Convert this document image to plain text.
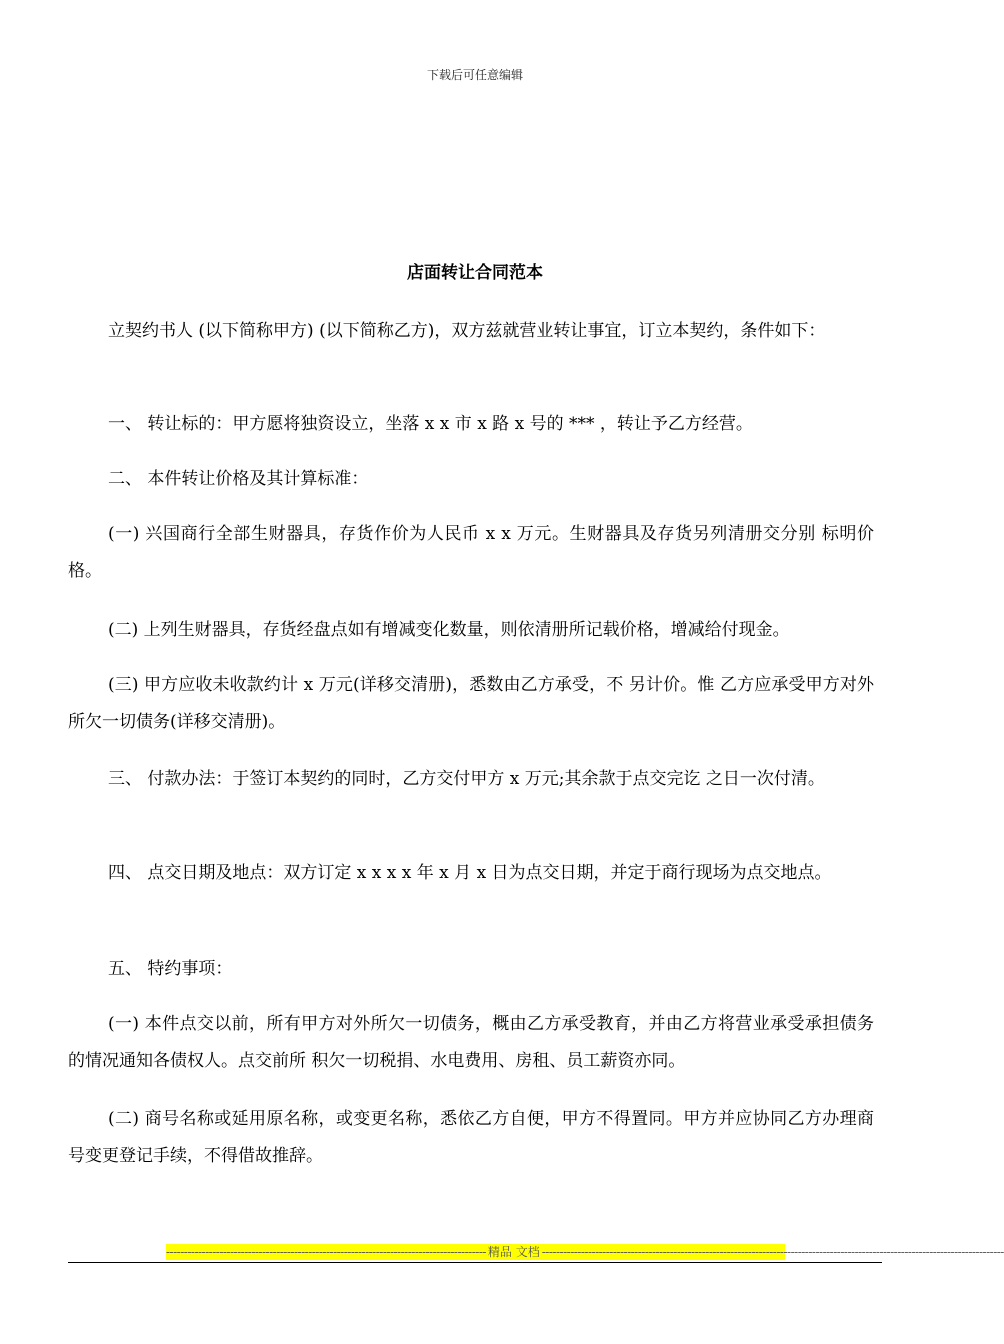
下载后可任意编辑
店面转让合同范本
立契约书人 (以下简称甲方) (以下简称乙方)，双方兹就营业转让事宜，订立本契约，条件如下：
一、 转让标的：甲方愿将独资设立，坐落 x x 市 x 路 x 号的 *** ，转让予乙方经营。
二、 本件转让价格及其计算标准：
(一) 兴国商行全部生财器具，存货作价为人民币 x x 万元。生财器具及存货另列清册交分别 标明价格。
(二) 上列生财器具，存货经盘点如有增减变化数量，则依清册所记载价格，增减给付现金。
(三) 甲方应收未收款约计 x 万元(详移交清册)，悉数由乙方承受，不 另计价。惟 乙方应承受甲方对外所欠一切债务(详移交清册)。
三、 付款办法：于签订本契约的同时，乙方交付甲方 x 万元;其余款于点交完讫 之日一次付清。
四、 点交日期及地点：双方订定 x x x x 年 x 月 x 日为点交日期，并定于商行现场为点交地点。
五、 特约事项：
(一) 本件点交以前，所有甲方对外所欠一切债务，概由乙方承受教育，并由乙方将营业承受承担债务的情况通知各债权人。点交前所 积欠一切税捐、水电费用、房租、员工薪资亦同。
(二) 商号名称或延用原名称，或变更名称，悉依乙方自便，甲方不得置同。甲方并应协同乙方办理商号变更登记手续，不得借故推辞。
------------------------------------------------------------------------------------------ 精品 文档 ----------------------------------------------------------------------------------------------------------------------------------
